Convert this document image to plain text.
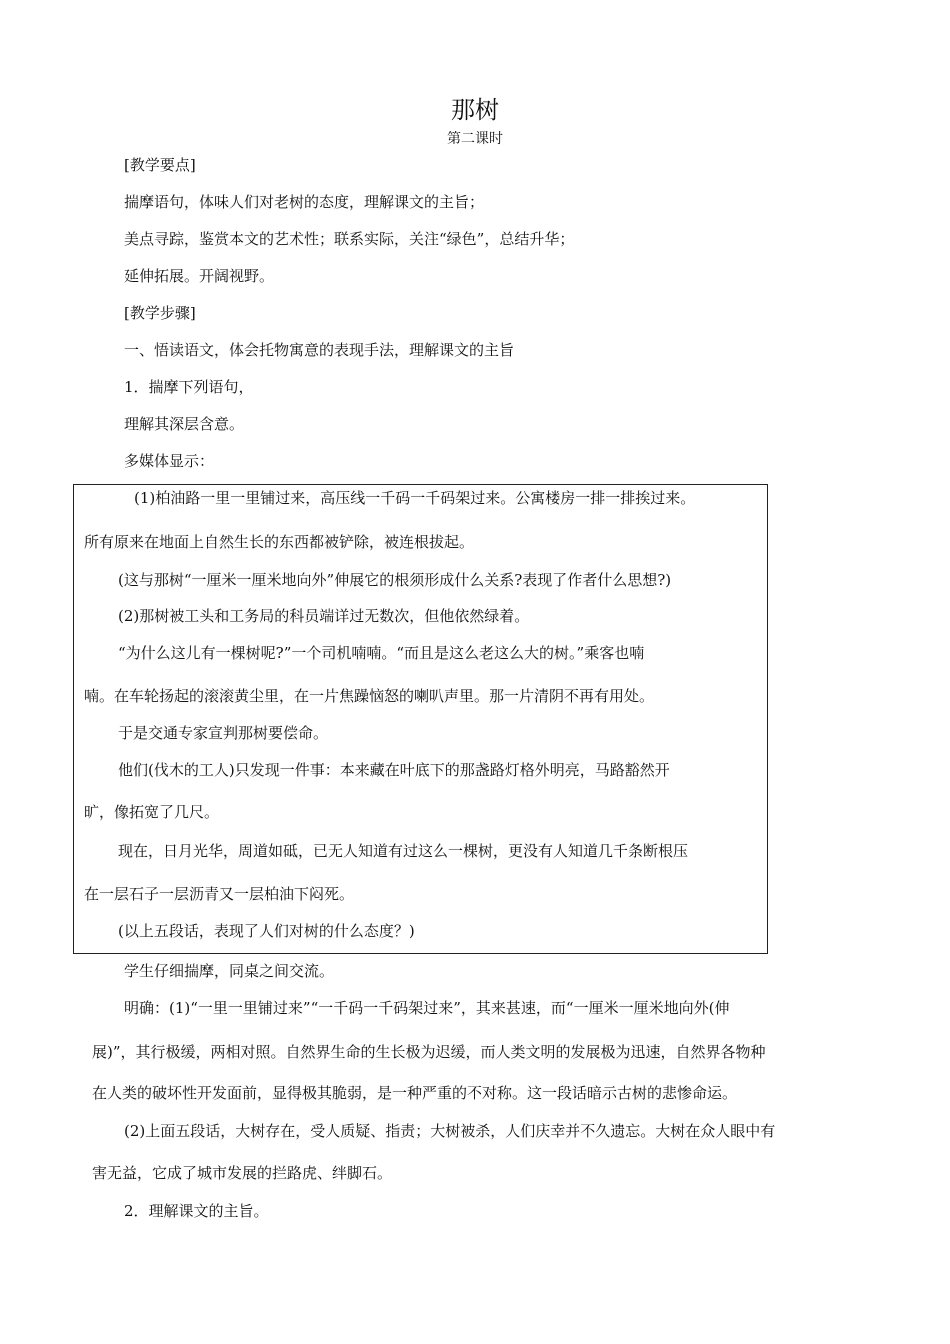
那树
第二课时
[教学要点]
揣摩语句，体味人们对老树的态度，理解课文的主旨；
美点寻踪，鉴赏本文的艺术性；联系实际，关注“绿色”，总结升华；
延伸拓展。开阔视野。
[教学步骤]
一、悟读语文，体会托物寓意的表现手法，理解课文的主旨
1．揣摩下列语句，
理解其深层含意。
多媒体显示：
(1)柏油路一里一里铺过来，高压线一千码一千码架过来。公寓楼房一排一排挨过来。
所有原来在地面上自然生长的东西都被铲除，被连根拔起。
(这与那树“一厘米一厘米地向外”伸展它的根须形成什么关系?表现了作者什么思想?)
(2)那树被工头和工务局的科员端详过无数次，但他依然绿着。
“为什么这儿有一棵树呢?”一个司机喃喃。“而且是这么老这么大的树。”乘客也喃
喃。在车轮扬起的滚滚黄尘里，在一片焦躁恼怒的喇叭声里。那一片清阴不再有用处。
于是交通专家宣判那树要偿命。
他们(伐木的工人)只发现一件事：本来藏在叶底下的那盏路灯格外明亮，马路豁然开
旷，像拓宽了几尺。
现在，日月光华，周道如砥，已无人知道有过这么一棵树，更没有人知道几千条断根压
在一层石子一层沥青又一层柏油下闷死。
(以上五段话，表现了人们对树的什么态度？)
学生仔细揣摩，同桌之间交流。
明确：(1)“一里一里铺过来”“一千码一千码架过来”，其来甚速，而“一厘米一厘米地向外(伸
展)”，其行极缓，两相对照。自然界生命的生长极为迟缓，而人类文明的发展极为迅速，自然界各物种
在人类的破坏性开发面前，显得极其脆弱，是一种严重的不对称。这一段话暗示古树的悲惨命运。
(2)上面五段话，大树存在，受人质疑、指责；大树被杀，人们庆幸并不久遗忘。大树在众人眼中有
害无益，它成了城市发展的拦路虎、绊脚石。
2．理解课文的主旨。
